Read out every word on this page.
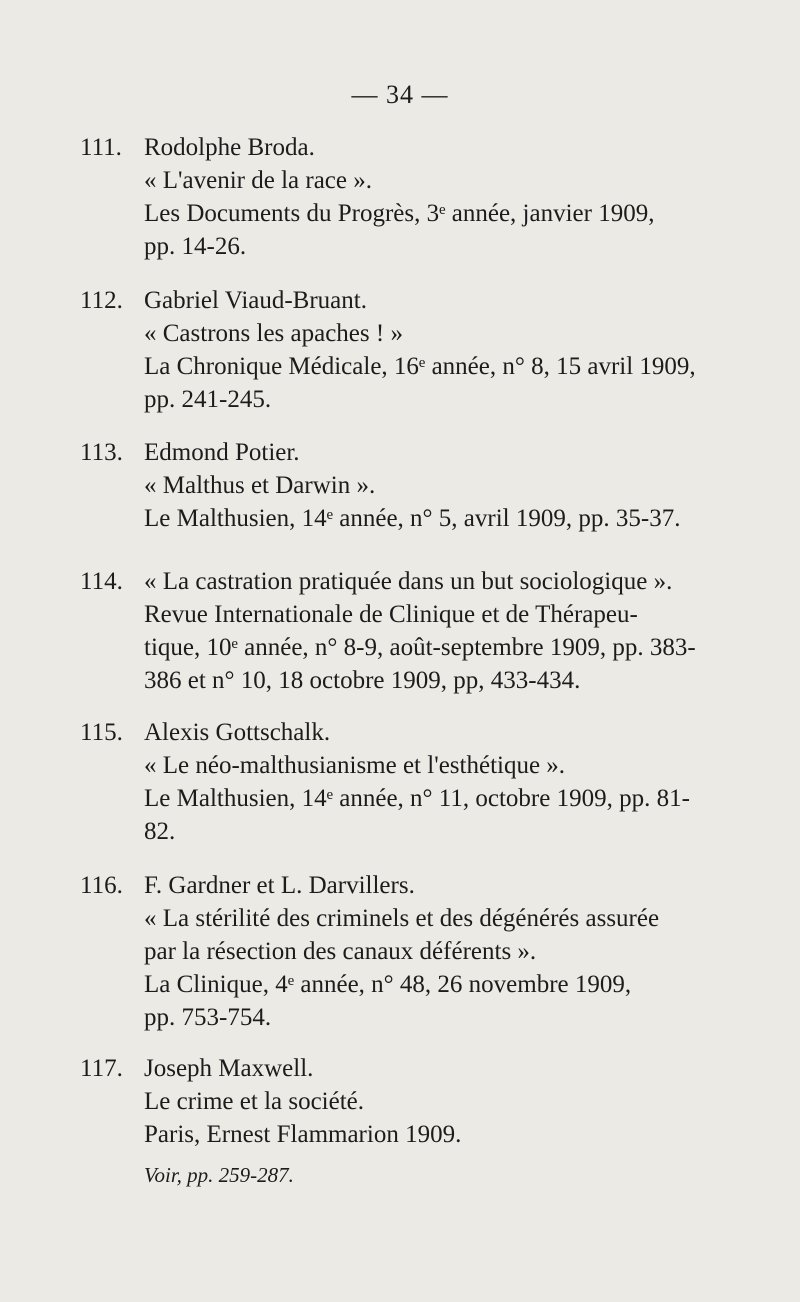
— 34 —
111. Rodolphe Broda.
« L'avenir de la race ».
Les Documents du Progrès, 3ᵉ année, janvier 1909,
pp. 14-26.
112. Gabriel Viaud-Bruant.
« Castrons les apaches ! »
La Chronique Médicale, 16ᵉ année, n° 8, 15 avril 1909,
pp. 241-245.
113. Edmond Potier.
« Malthus et Darwin ».
Le Malthusien, 14ᵉ année, n° 5, avril 1909, pp. 35-37.
114. « La castration pratiquée dans un but sociologique ».
Revue Internationale de Clinique et de Thérapeu-
tique, 10ᵉ année, n° 8-9, août-septembre 1909, pp. 383-
386 et n° 10, 18 octobre 1909, pp, 433-434.
115. Alexis Gottschalk.
« Le néo-malthusianisme et l'esthétique ».
Le Malthusien, 14ᵉ année, n° 11, octobre 1909, pp. 81-
82.
116. F. Gardner et L. Darvillers.
« La stérilité des criminels et des dégénérés assurée
par la résection des canaux déférents ».
La Clinique, 4ᵉ année, n° 48, 26 novembre 1909,
pp. 753-754.
117. Joseph Maxwell.
Le crime et la société.
Paris, Ernest Flammarion 1909.
Voir, pp. 259-287.
